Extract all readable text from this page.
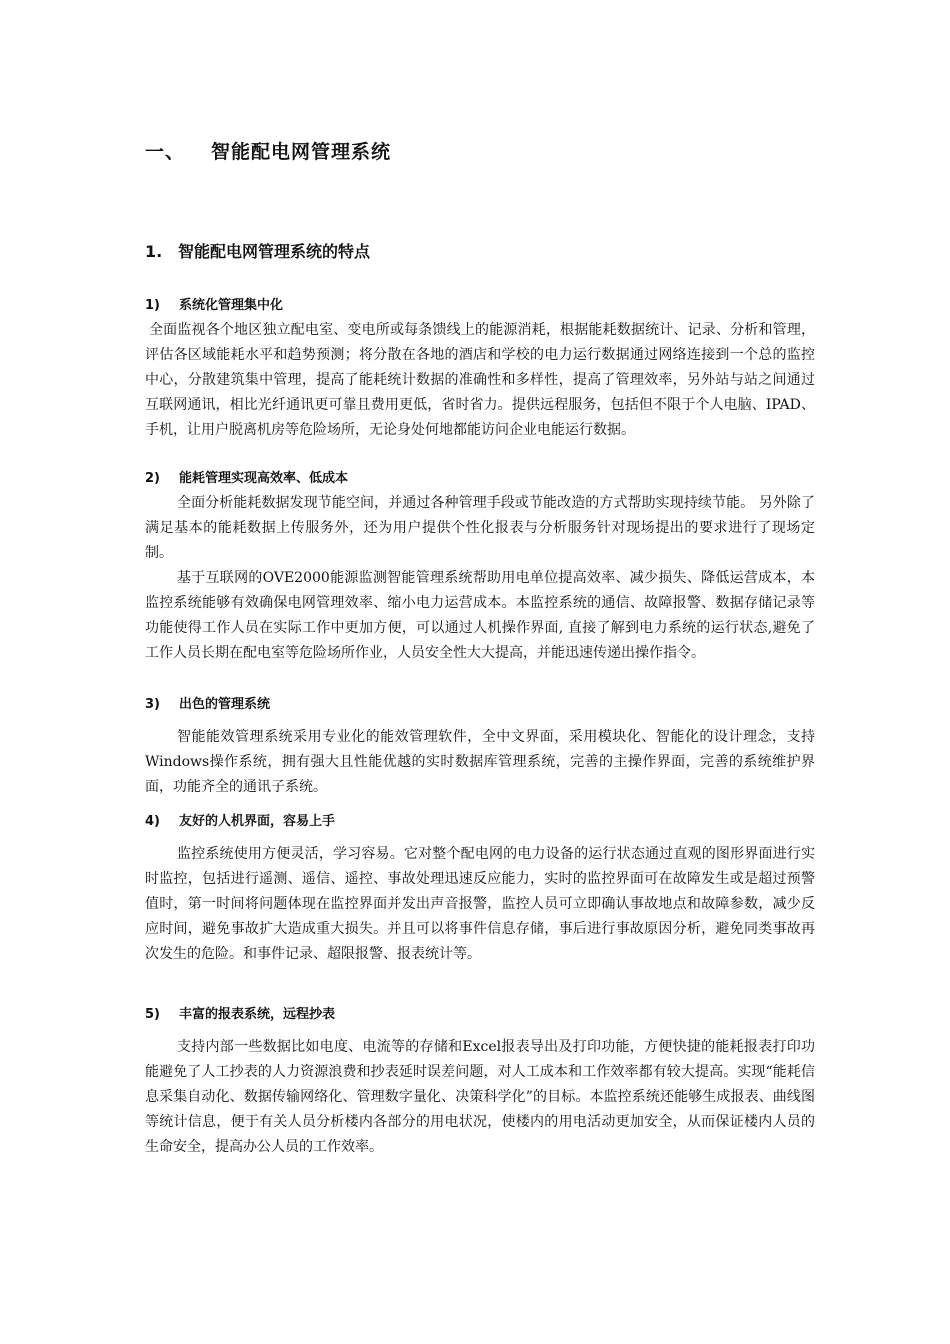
一、 智能配电网管理系统
1. 智能配电网管理系统的特点
1) 系统化管理集中化

全面监视各个地区独立配电室、变电所或每条馈线上的能源消耗，根据能耗数据统计、记录、分析和管理，评估各区域能耗水平和趋势预测；将分散在各地的酒店和学校的电力运行数据通过网络连接到一个总的监控中心，分散建筑集中管理，提高了能耗统计数据的准确性和多样性，提高了管理效率，另外站与站之间通过互联网通讯，相比光纤通讯更可靠且费用更低，省时省力。提供远程服务，包括但不限于个人电脑、IPAD、手机，让用户脱离机房等危险场所，无论身处何地都能访问企业电能运行数据。

2) 能耗管理实现高效率、低成本

全面分析能耗数据发现节能空间，并通过各种管理手段或节能改造的方式帮助实现持续节能。 另外除了满足基本的能耗数据上传服务外，还为用户提供个性化报表与分析服务针对现场提出的要求进行了现场定制。

基于互联网的OVE2000能源监测智能管理系统帮助用电单位提高效率、减少损失、降低运营成本，本监控系统能够有效确保电网管理效率、缩小电力运营成本。本监控系统的通信、故障报警、数据存储记录等功能使得工作人员在实际工作中更加方便，可以通过人机操作界面, 直接了解到电力系统的运行状态,避免了工作人员长期在配电室等危险场所作业，人员安全性大大提高，并能迅速传递出操作指令。

3) 出色的管理系统

智能能效管理系统采用专业化的能效管理软件，全中文界面，采用模块化、智能化的设计理念，支持Windows操作系统，拥有强大且性能优越的实时数据库管理系统，完善的主操作界面，完善的系统维护界面，功能齐全的通讯子系统。

4) 友好的人机界面，容易上手

监控系统使用方便灵活，学习容易。它对整个配电网的电力设备的运行状态通过直观的图形界面进行实时监控，包括进行遥测、遥信、遥控、事故处理迅速反应能力，实时的监控界面可在故障发生或是超过预警值时，第一时间将问题体现在监控界面并发出声音报警，监控人员可立即确认事故地点和故障参数，减少反应时间，避免事故扩大造成重大损失。并且可以将事件信息存储，事后进行事故原因分析，避免同类事故再次发生的危险。和事件记录、超限报警、报表统计等。

5) 丰富的报表系统，远程抄表

支持内部一些数据比如电度、电流等的存储和Excel报表导出及打印功能，方便快捷的能耗报表打印功能避免了人工抄表的人力资源浪费和抄表延时误差问题，对人工成本和工作效率都有较大提高。实现“能耗信息采集自动化、数据传输网络化、管理数字量化、决策科学化”的目标。本监控系统还能够生成报表、曲线图等统计信息，便于有关人员分析楼内各部分的用电状况，使楼内的用电活动更加安全，从而保证楼内人员的生命安全，提高办公人员的工作效率。
